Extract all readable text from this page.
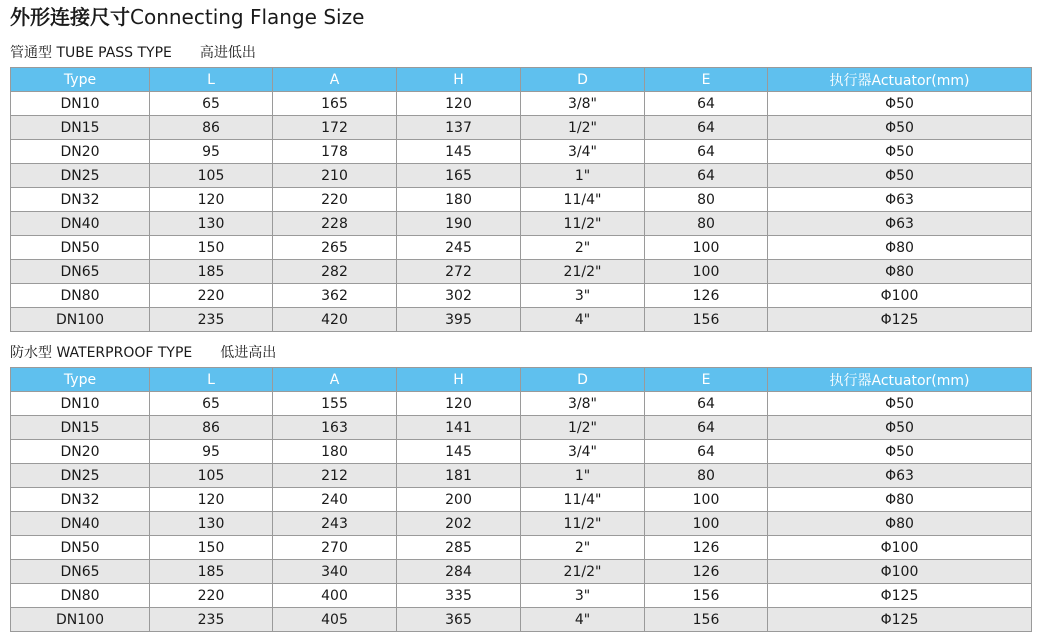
外形连接尺寸Connecting Flange Size
管通型 TUBE PASS TYPE 高进低出
Type	L	A	H	D	E	执行器Actuator(mm)
DN10	65	165	120	3/8"	64	Φ50
DN15	86	172	137	1/2"	64	Φ50
DN20	95	178	145	3/4"	64	Φ50
DN25	105	210	165	1"	64	Φ50
DN32	120	220	180	11/4"	80	Φ63
DN40	130	228	190	11/2"	80	Φ63
DN50	150	265	245	2"	100	Φ80
DN65	185	282	272	21/2"	100	Φ80
DN80	220	362	302	3"	126	Φ100
DN100	235	420	395	4"	156	Φ125
防水型 WATERPROOF TYPE 低进高出
Type	L	A	H	D	E	执行器Actuator(mm)
DN10	65	155	120	3/8"	64	Φ50
DN15	86	163	141	1/2"	64	Φ50
DN20	95	180	145	3/4"	64	Φ50
DN25	105	212	181	1"	80	Φ63
DN32	120	240	200	11/4"	100	Φ80
DN40	130	243	202	11/2"	100	Φ80
DN50	150	270	285	2"	126	Φ100
DN65	185	340	284	21/2"	126	Φ100
DN80	220	400	335	3"	156	Φ125
DN100	235	405	365	4"	156	Φ125
